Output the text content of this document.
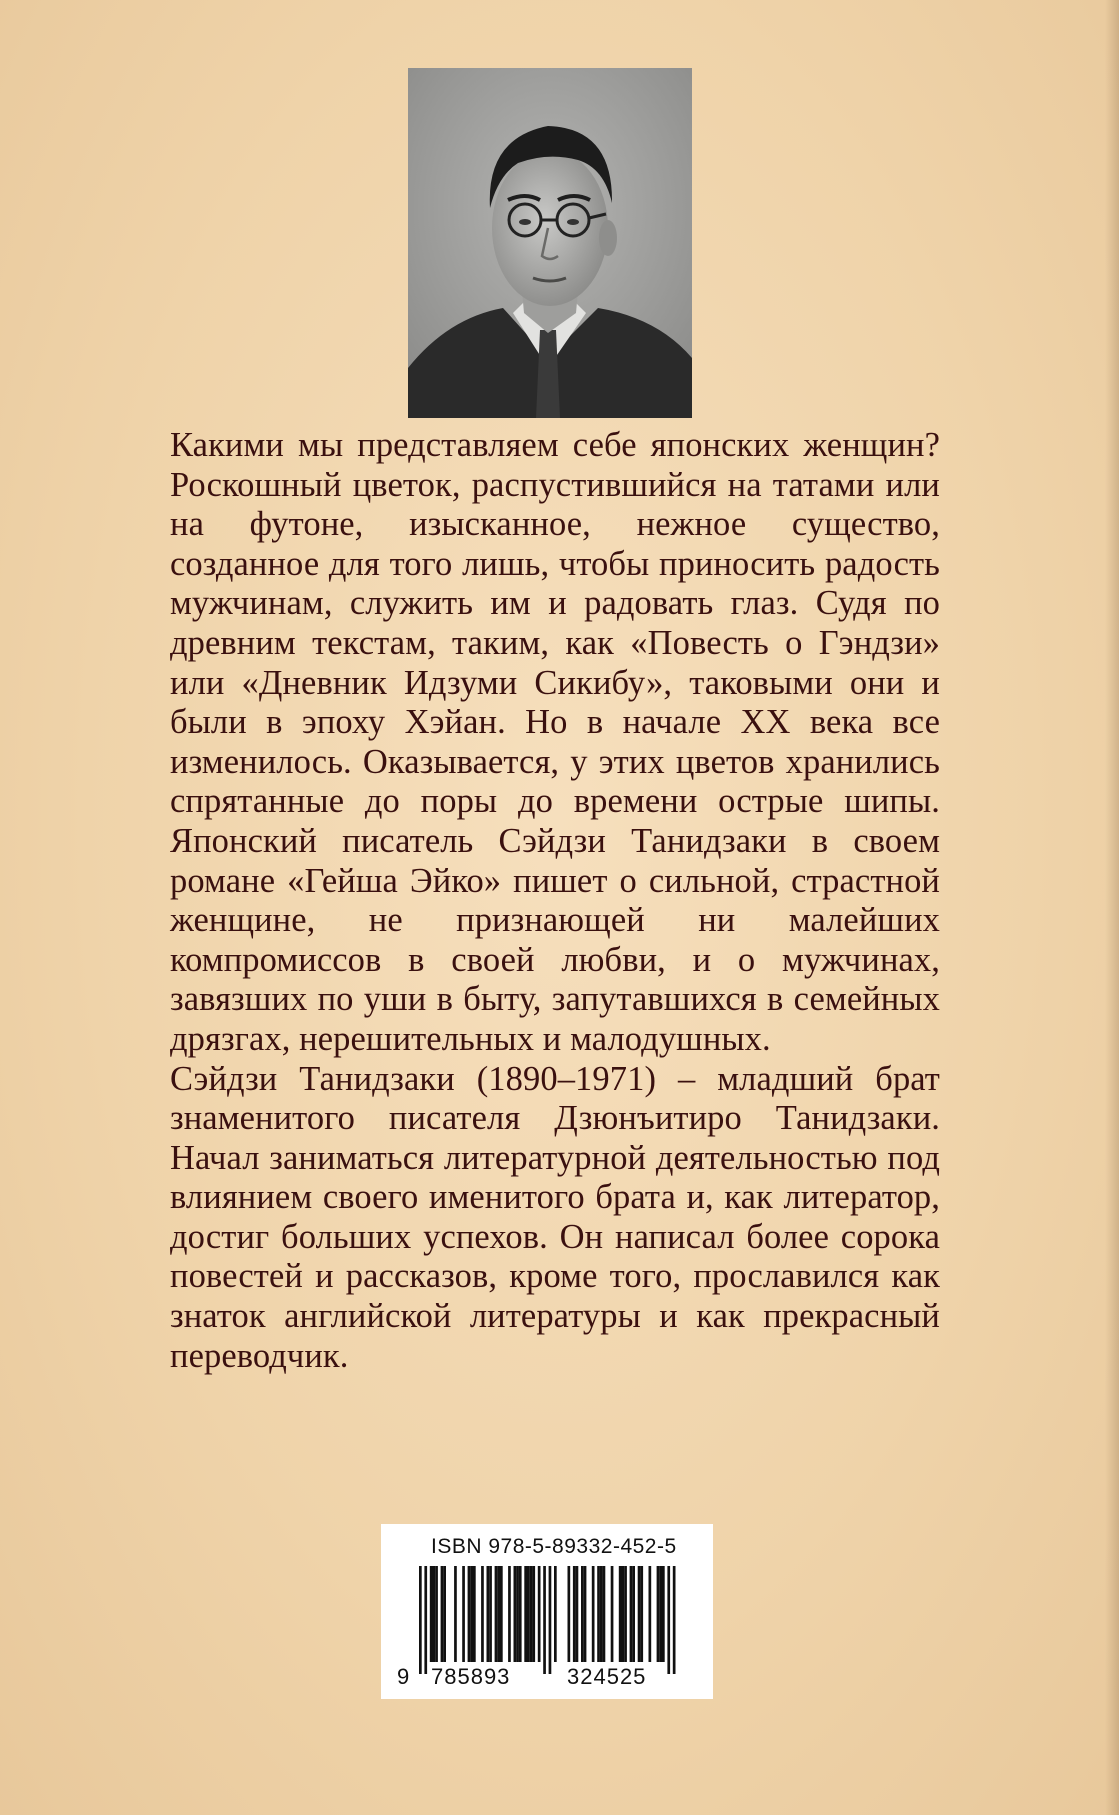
Какими мы представляем себе японских женщин? Роскошный цветок, распустившийся на татами или на футоне, изысканное, нежное существо, созданное для того лишь, чтобы приносить радость мужчинам, служить им и радовать глаз. Судя по древним текстам, таким, как «Повесть о Гэндзи» или «Дневник Идзуми Сикибу», таковыми они и были в эпоху Хэйан. Но в начале XX века все изменилось. Оказывается, у этих цветов хранились спрятанные до поры до времени острые шипы. Японский писатель Сэйдзи Танидзаки в своем романе «Гейша Эйко» пишет о сильной, страстной женщине, не признающей ни малейших компромиссов в своей любви, и о мужчинах, завязших по уши в быту, запутавшихся в семейных дрязгах, нерешительных и малодушных.

Сэйдзи Танидзаки (1890–1971) – младший брат знаменитого писателя Дзюнъитиро Танидзаки. Начал заниматься литературной деятельностью под влиянием своего именитого брата и, как литератор, достиг больших успехов. Он написал более сорока повестей и рассказов, кроме того, прославился как знаток английской литературы и как прекрасный переводчик.

ISBN 978-5-89332-452-5
9 785893	324525
